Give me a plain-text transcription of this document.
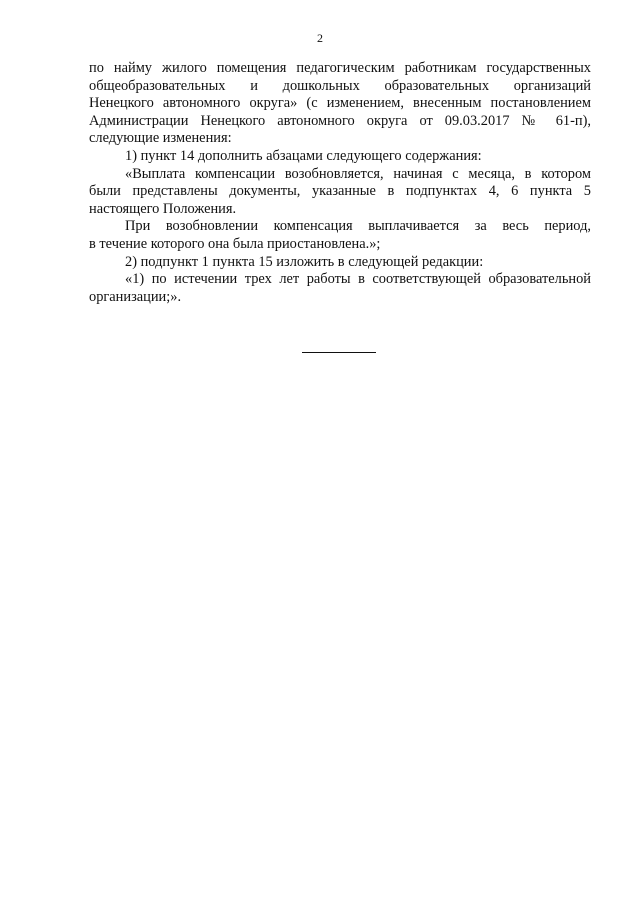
2

по найму жилого помещения педагогическим работникам государственных
общеобразовательных и дошкольных образовательных организаций
Ненецкого автономного округа» (с изменением, внесенным постановлением
Администрации Ненецкого автономного округа от 09.03.2017 № 61-п),
следующие изменения:

1) пункт 14 дополнить абзацами следующего содержания:

«Выплата компенсации возобновляется, начиная с месяца, в котором
были представлены документы, указанные в подпунктах 4, 6 пункта 5
настоящего Положения.

При возобновлении компенсация выплачивается за весь период,
в течение которого она была приостановлена.»;

2) подпункт 1 пункта 15 изложить в следующей редакции:

«1) по истечении трех лет работы в соответствующей образовательной
организации;».
